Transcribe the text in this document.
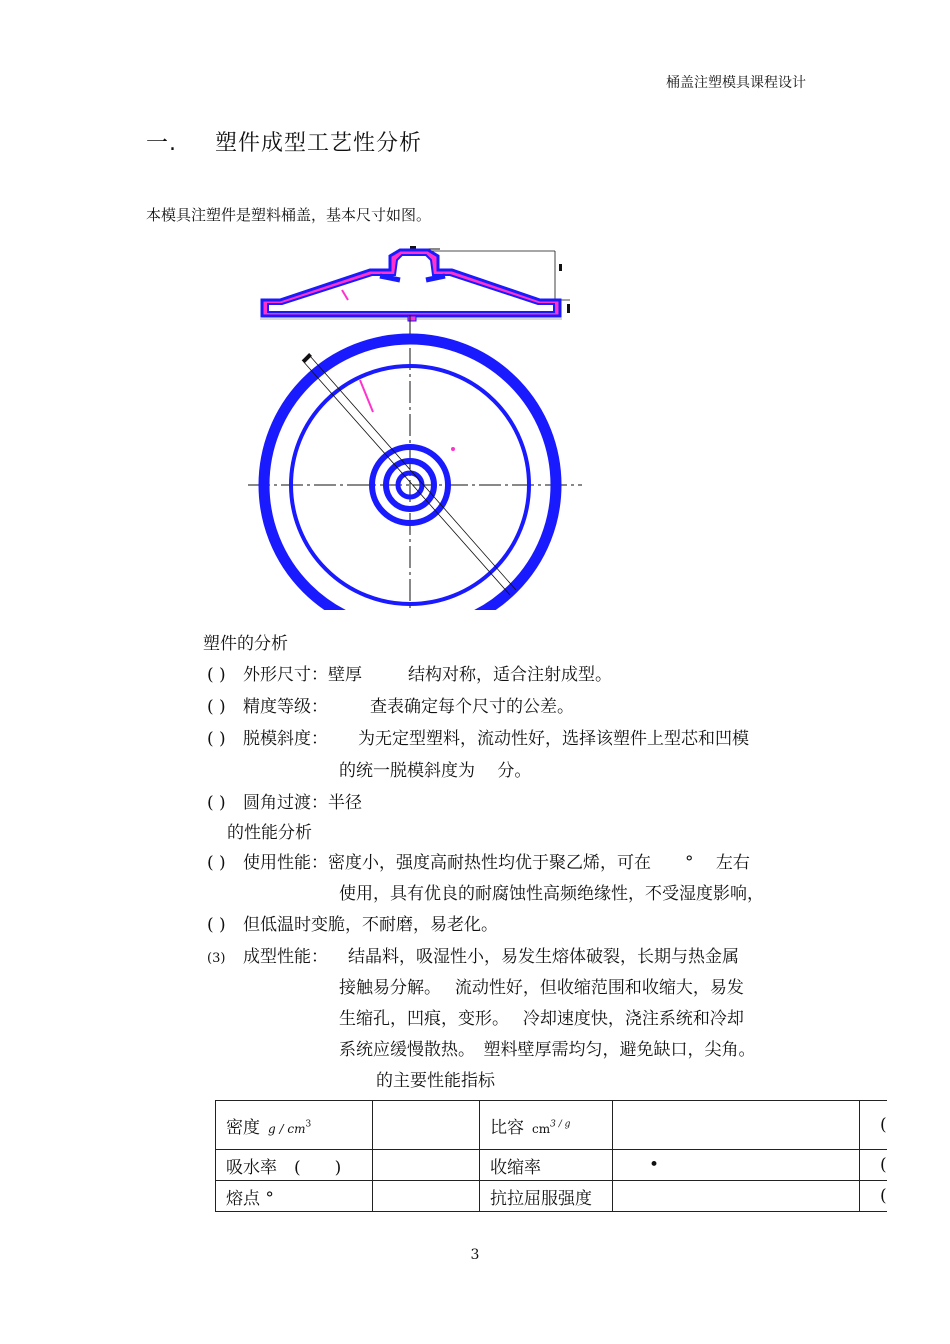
桶盖注塑模具课程设计
一. 塑件成型工艺性分析
本模具注塑件是塑料桶盖，基本尺寸如图。
塑件的分析
( ) 外形尺寸：壁厚	结构对称，适合注射成型。
( ) 精度等级： 查表确定每个尺寸的公差。
( ) 脱模斜度： 为无定型塑料，流动性好，选择该塑件上型芯和凹模
的统一脱模斜度为　 分。
( ) 圆角过渡：半径
的性能分析
( ) 使用性能：密度小，强度高耐热性均优于聚乙烯，可在　　°　 左右
使用，具有优良的耐腐蚀性高频绝缘性，不受湿度影响，
( ) 但低温时变脆，不耐磨，易老化。
(3) 成型性能： 结晶料，吸湿性小，易发生熔体破裂，长期与热金属
接触易分解。　 流动性好，但收缩范围和收缩大，易发
生缩孔，凹痕，变形。　 冷却速度快，浇注系统和冷却
系统应缓慢散热。　塑料壁厚需均匀，避免缺口，尖角。
的主要性能指标
密度 g / $cm^3$		比容 $cm^{3 / g}$		(
吸水率　(　　)		收缩率	•	(
熔点 °		抗拉屈服强度		(
3
